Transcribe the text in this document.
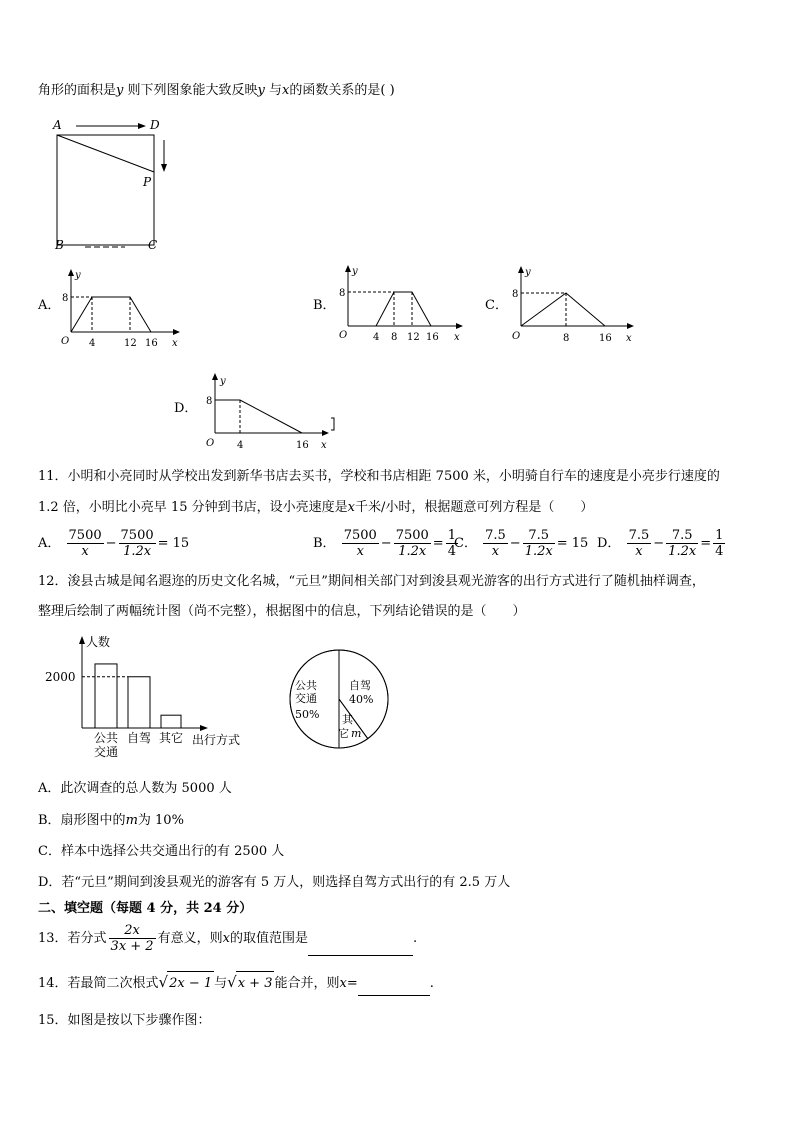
角形的面积是y 则下列图象能大致反映y 与x的函数关系的是( )
A	D
P
B	C
A．
y
8
O 4	12 16 x
B．
y
8
O	4 8 12 16 x
C．
y
8
O	8	16 x
D．
y
8
O 4	16 x
11．小明和小亮同时从学校出发到新华书店去买书，学校和书店相距 7500 米，小明骑自行车的速度是小亮步行速度的
1.2 倍，小明比小亮早 15 分钟到书店，设小亮速度是x千米/小时，根据题意可列方程是（　　）
A． $\frac{7500}{x} - \frac{7500}{1.2x} = 15$	B． $\frac{7500}{x} - \frac{7500}{1.2x} = \frac{1}{4}$
C． $\frac{7.5}{x} - \frac{7.5}{1.2x} = 15$ D． $\frac{7.5}{x} - \frac{7.5}{1.2x} = \frac{1}{4}$
12．浚县古城是闻名遐迩的历史文化名城，“元旦”期间相关部门对到浚县观光游客的出行方式进行了随机抽样调查，
整理后绘制了两幅统计图（尚不完整），根据图中的信息，下列结论错误的是（　　）
人数
出行方式
2000
公共
交通
自驾 其它
公共
交通
50%
自驾
40%
其
它 m
A．此次调查的总人数为 5000 人
B．扇形图中的m为 10%
C．样本中选择公共交通出行的有 2500 人
D．若“元旦”期间到浚县观光的游客有 5 万人，则选择自驾方式出行的有 2.5 万人
二、填空题（每题 4 分，共 24 分）
13．若分式 $\frac{2x}{3x + 2}$ 有意义，则x的取值范围是	.
14．若最简二次根式√2x − 1 与√x + 3 能合并，则x=	.
15．如图是按以下步骤作图：
